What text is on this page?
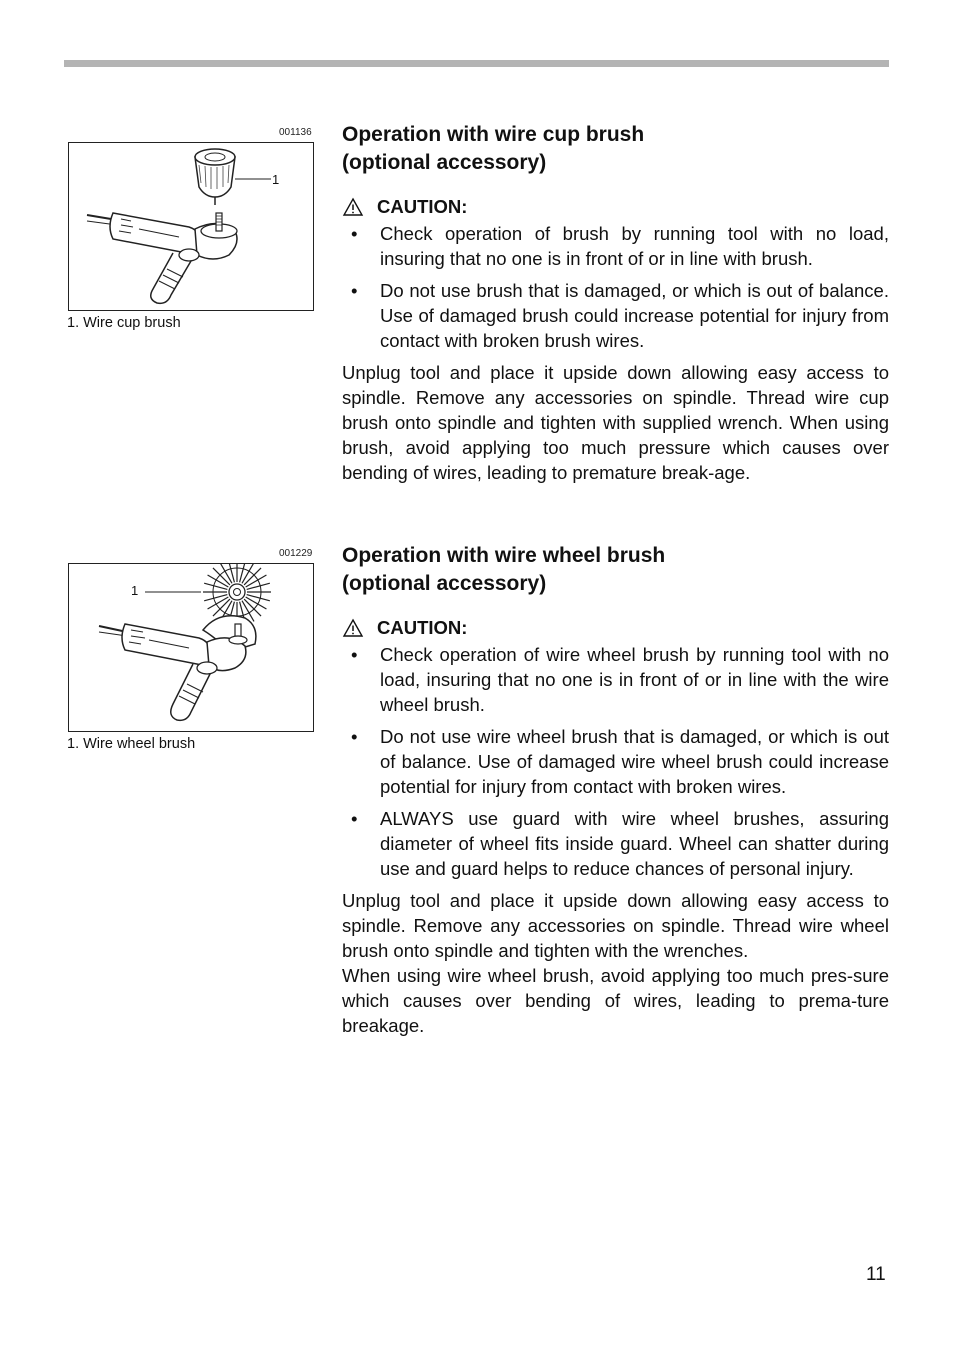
001136
1
1. Wire cup brush
001229
1
1. Wire wheel brush
Operation with wire cup brush
(optional accessory)
CAUTION:
• Check operation of brush by running tool with no load, insuring that no one is in front of or in line with brush.
• Do not use brush that is damaged, or which is out of balance. Use of damaged brush could increase potential for injury from contact with broken brush wires.

Unplug tool and place it upside down allowing easy access to spindle. Remove any accessories on spindle. Thread wire cup brush onto spindle and tighten with supplied wrench. When using brush, avoid applying too much pressure which causes over bending of wires, leading to premature break-age.

Operation with wire wheel brush
(optional accessory)
CAUTION:
• Check operation of wire wheel brush by running tool with no load, insuring that no one is in front of or in line with the wire wheel brush.
• Do not use wire wheel brush that is damaged, or which is out of balance. Use of damaged wire wheel brush could increase potential for injury from contact with broken wires.
• ALWAYS use guard with wire wheel brushes, assuring diameter of wheel fits inside guard. Wheel can shatter during use and guard helps to reduce chances of personal injury.

Unplug tool and place it upside down allowing easy access to spindle. Remove any accessories on spindle. Thread wire wheel brush onto spindle and tighten with the wrenches.

When using wire wheel brush, avoid applying too much pres-sure which causes over bending of wires, leading to prema-ture breakage.

11
